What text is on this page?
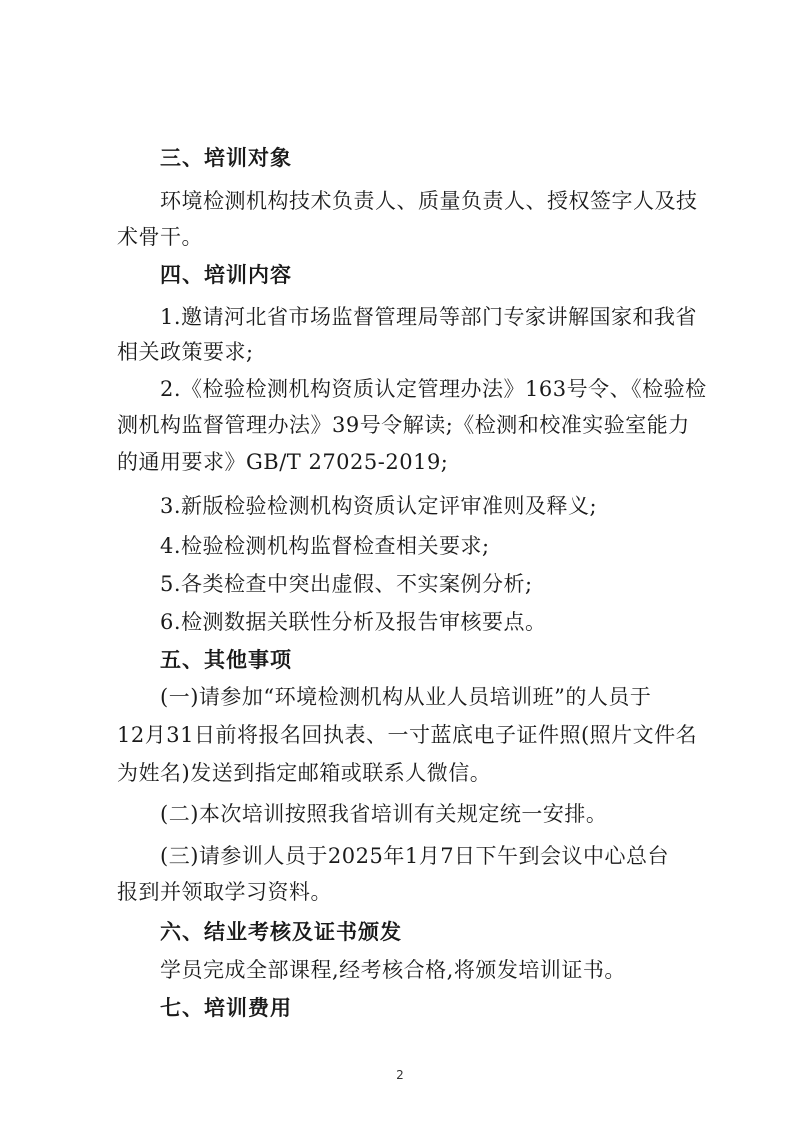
三、培训对象
环境检测机构技术负责人、质量负责人、授权签字人及技
术骨干。
四、培训内容
1.邀请河北省市场监督管理局等部门专家讲解国家和我省
相关政策要求;
2.《检验检测机构资质认定管理办法》163号令、《检验检
测机构监督管理办法》39号令解读;《检测和校准实验室能力
的通用要求》GB/T 27025-2019;
3.新版检验检测机构资质认定评审准则及释义;
4.检验检测机构监督检查相关要求;
5.各类检查中突出虚假、不实案例分析;
6.检测数据关联性分析及报告审核要点。
五、其他事项
(一)请参加“环境检测机构从业人员培训班”的人员于
12月31日前将报名回执表、一寸蓝底电子证件照(照片文件名
为姓名)发送到指定邮箱或联系人微信。
(二)本次培训按照我省培训有关规定统一安排。
(三)请参训人员于2025年1月7日下午到会议中心总台
报到并领取学习资料。
六、结业考核及证书颁发
学员完成全部课程,经考核合格,将颁发培训证书。
七、培训费用
2
